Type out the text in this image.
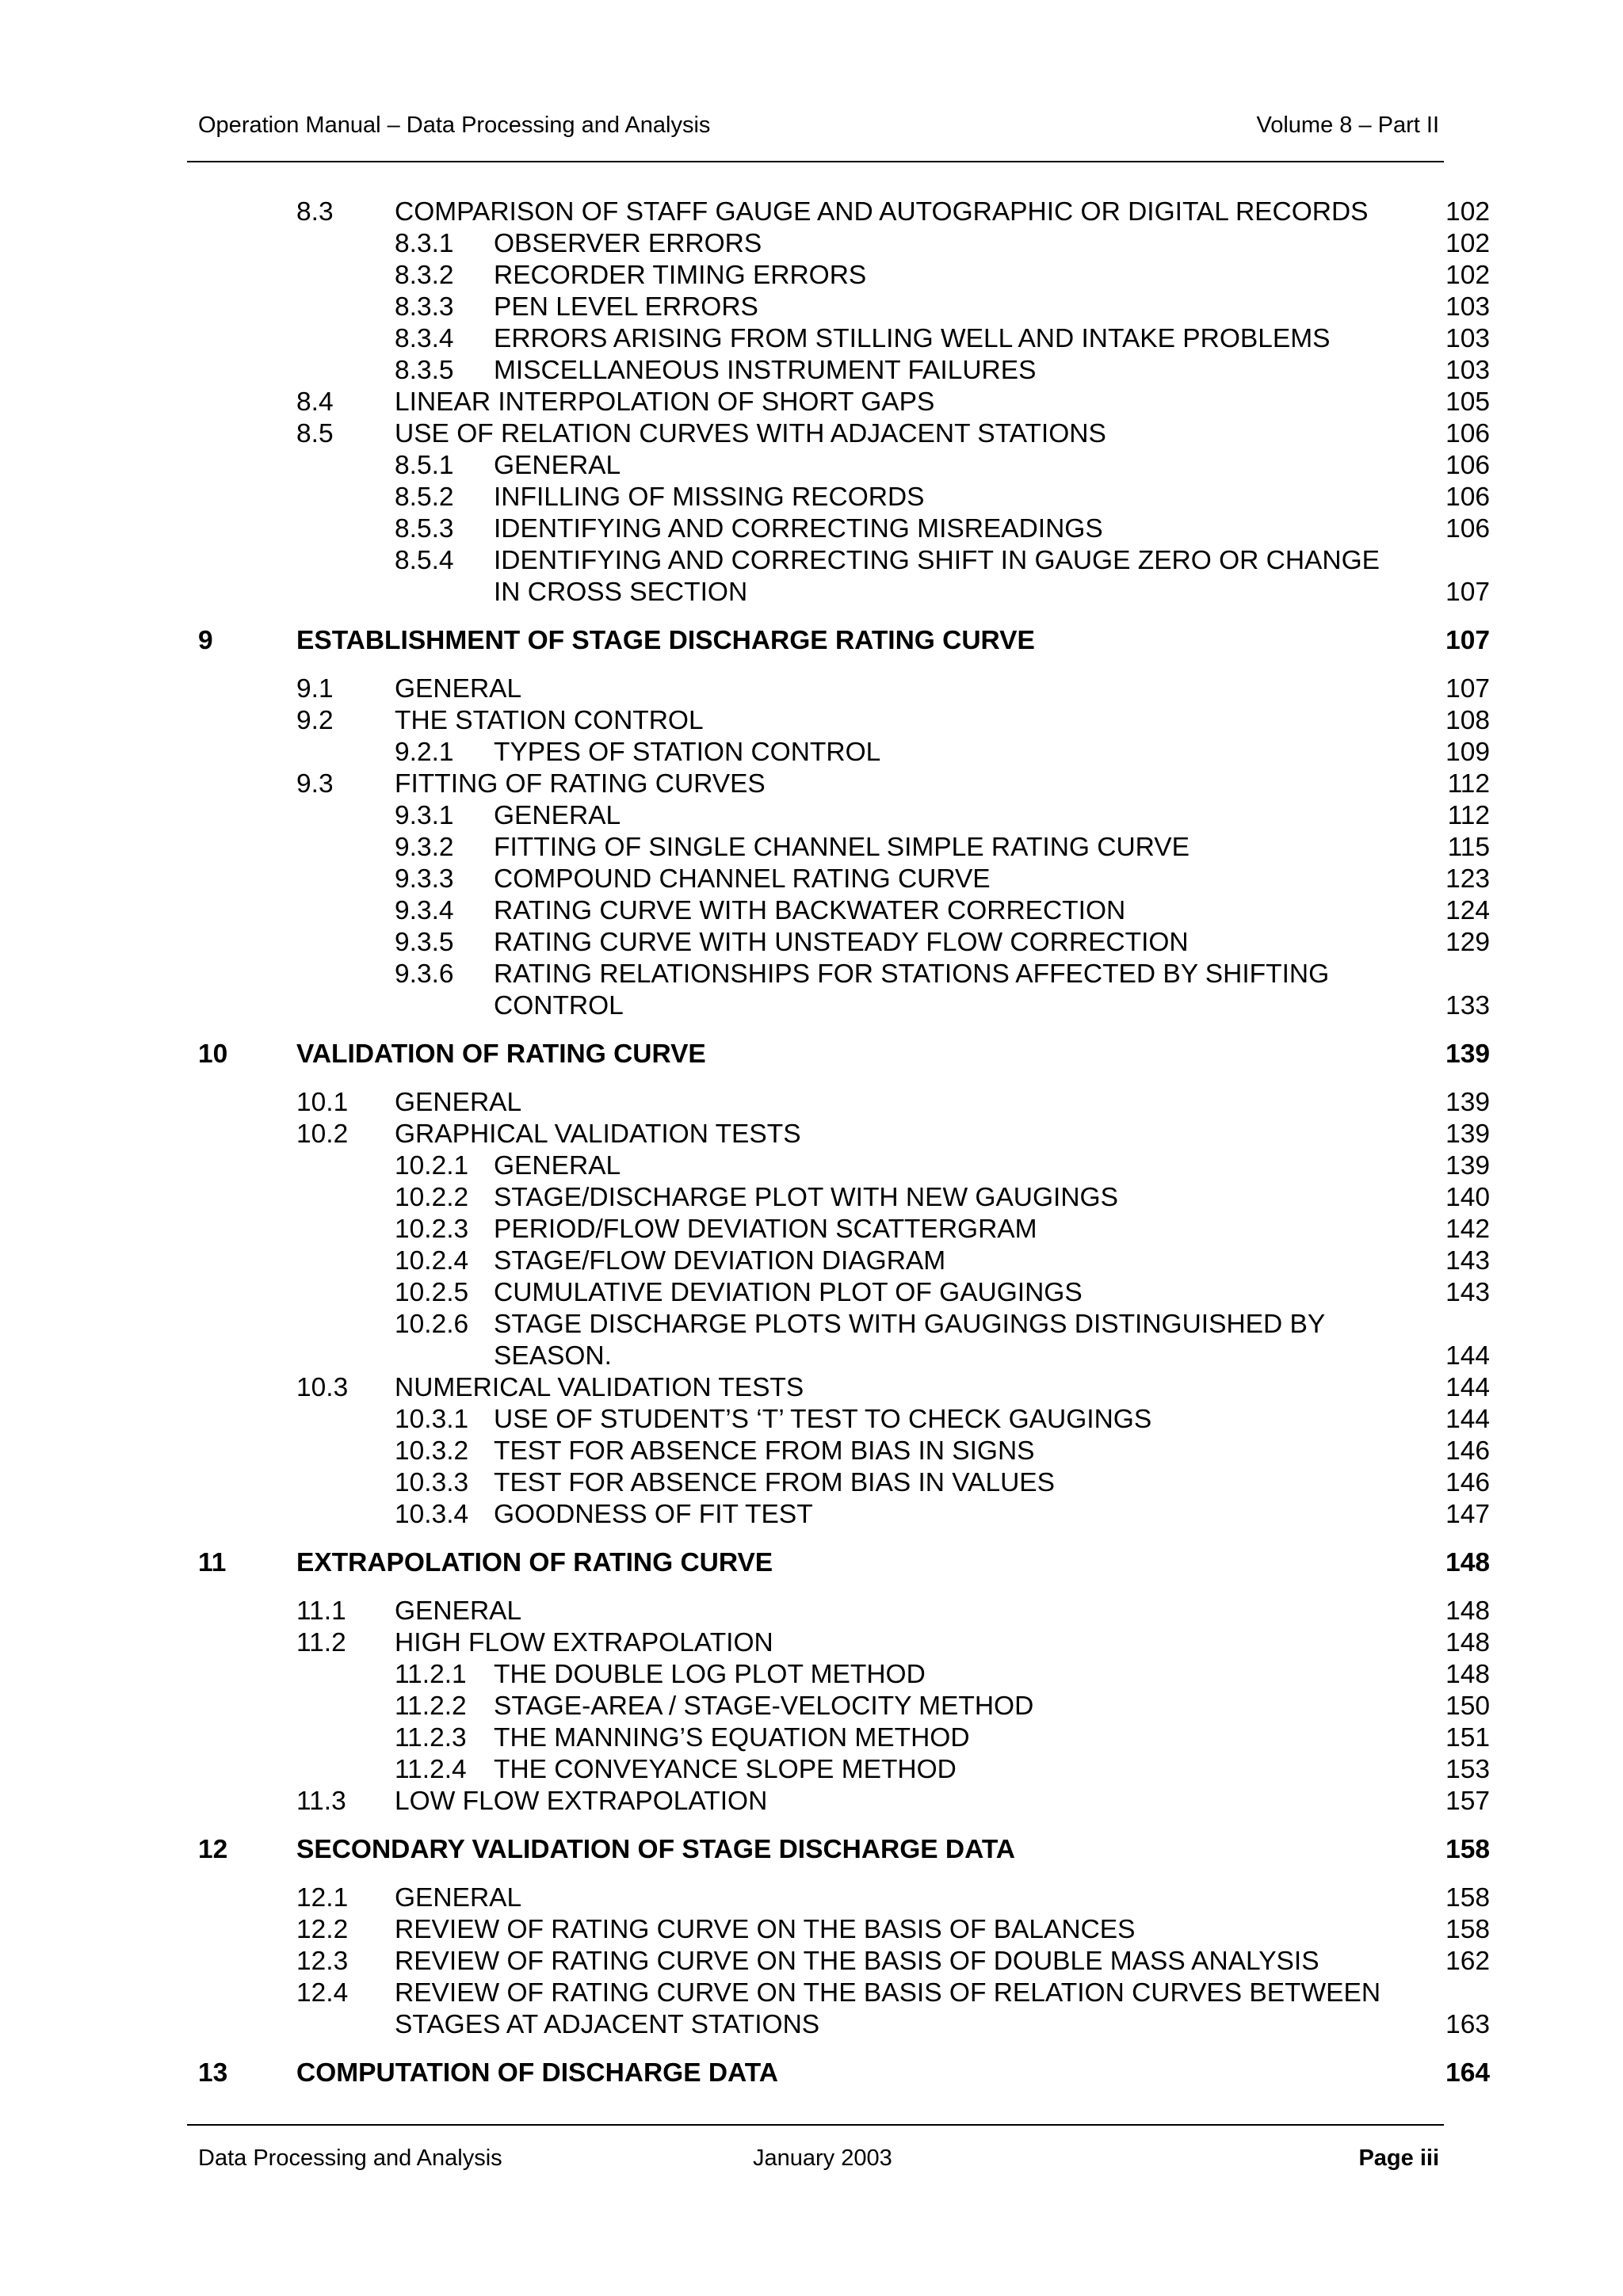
Operation Manual – Data Processing and Analysis	Volume 8 – Part II
8.3 COMPARISON OF STAFF GAUGE AND AUTOGRAPHIC OR DIGITAL RECORDS	102
8.3.1 OBSERVER ERRORS	102
8.3.2 RECORDER TIMING ERRORS	102
8.3.3 PEN LEVEL ERRORS	103
8.3.4 ERRORS ARISING FROM STILLING WELL AND INTAKE PROBLEMS	103
8.3.5 MISCELLANEOUS INSTRUMENT FAILURES	103
8.4 LINEAR INTERPOLATION OF SHORT GAPS	105
8.5 USE OF RELATION CURVES WITH ADJACENT STATIONS	106
8.5.1 GENERAL	106
8.5.2 INFILLING OF MISSING RECORDS	106
8.5.3 IDENTIFYING AND CORRECTING MISREADINGS	106
8.5.4 IDENTIFYING AND CORRECTING SHIFT IN GAUGE ZERO OR CHANGE
IN CROSS SECTION	107
9	ESTABLISHMENT OF STAGE DISCHARGE RATING CURVE	107
9.1 GENERAL	107
9.2 THE STATION CONTROL	108
9.2.1 TYPES OF STATION CONTROL	109
9.3 FITTING OF RATING CURVES	112
9.3.1 GENERAL	112
9.3.2 FITTING OF SINGLE CHANNEL SIMPLE RATING CURVE	115
9.3.3 COMPOUND CHANNEL RATING CURVE	123
9.3.4 RATING CURVE WITH BACKWATER CORRECTION	124
9.3.5 RATING CURVE WITH UNSTEADY FLOW CORRECTION	129
9.3.6 RATING RELATIONSHIPS FOR STATIONS AFFECTED BY SHIFTING
CONTROL	133
10	VALIDATION OF RATING CURVE	139
10.1 GENERAL	139
10.2 GRAPHICAL VALIDATION TESTS	139
10.2.1 GENERAL	139
10.2.2 STAGE/DISCHARGE PLOT WITH NEW GAUGINGS	140
10.2.3 PERIOD/FLOW DEVIATION SCATTERGRAM	142
10.2.4 STAGE/FLOW DEVIATION DIAGRAM	143
10.2.5 CUMULATIVE DEVIATION PLOT OF GAUGINGS	143
10.2.6 STAGE DISCHARGE PLOTS WITH GAUGINGS DISTINGUISHED BY
SEASON.	144
10.3 NUMERICAL VALIDATION TESTS	144
10.3.1 USE OF STUDENT’S ‘T’ TEST TO CHECK GAUGINGS	144
10.3.2 TEST FOR ABSENCE FROM BIAS IN SIGNS	146
10.3.3 TEST FOR ABSENCE FROM BIAS IN VALUES	146
10.3.4 GOODNESS OF FIT TEST	147
11	EXTRAPOLATION OF RATING CURVE	148
11.1 GENERAL	148
11.2 HIGH FLOW EXTRAPOLATION	148
11.2.1 THE DOUBLE LOG PLOT METHOD	148
11.2.2 STAGE-AREA / STAGE-VELOCITY METHOD	150
11.2.3 THE MANNING’S EQUATION METHOD	151
11.2.4 THE CONVEYANCE SLOPE METHOD	153
11.3 LOW FLOW EXTRAPOLATION	157
12	SECONDARY VALIDATION OF STAGE DISCHARGE DATA	158
12.1 GENERAL	158
12.2 REVIEW OF RATING CURVE ON THE BASIS OF BALANCES	158
12.3 REVIEW OF RATING CURVE ON THE BASIS OF DOUBLE MASS ANALYSIS	162
12.4 REVIEW OF RATING CURVE ON THE BASIS OF RELATION CURVES BETWEEN
STAGES AT ADJACENT STATIONS	163
13	COMPUTATION OF DISCHARGE DATA	164
Data Processing and Analysis	January 2003	Page iii
